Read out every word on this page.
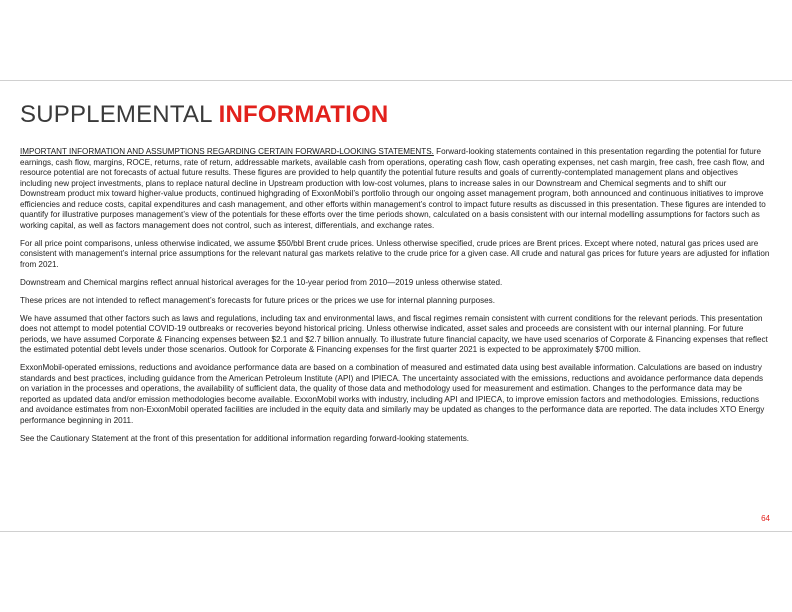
SUPPLEMENTAL INFORMATION

IMPORTANT INFORMATION AND ASSUMPTIONS REGARDING CERTAIN FORWARD-LOOKING STATEMENTS. Forward-looking statements contained in this presentation regarding the potential for future earnings, cash flow, margins, ROCE, returns, rate of return, addressable markets, available cash from operations, operating cash flow, cash operating expenses, net cash margin, free cash, free cash flow, and resource potential are not forecasts of actual future results. These figures are provided to help quantify the potential future results and goals of currently-contemplated management plans and objectives including new project investments, plans to replace natural decline in Upstream production with low-cost volumes, plans to increase sales in our Downstream and Chemical segments and to shift our Downstream product mix toward higher-value products, continued highgrading of ExxonMobil’s portfolio through our ongoing asset management program, both announced and continuous initiatives to improve efficiencies and reduce costs, capital expenditures and cash management, and other efforts within management’s control to impact future results as discussed in this presentation. These figures are intended to quantify for illustrative purposes management’s view of the potentials for these efforts over the time periods shown, calculated on a basis consistent with our internal modelling assumptions for factors such as working capital, as well as factors management does not control, such as interest, differentials, and exchange rates.

For all price point comparisons, unless otherwise indicated, we assume $50/bbl Brent crude prices. Unless otherwise specified, crude prices are Brent prices. Except where noted, natural gas prices used are consistent with management’s internal price assumptions for the relevant natural gas markets relative to the crude price for a given case. All crude and natural gas prices for future years are adjusted for inflation from 2021.

Downstream and Chemical margins reflect annual historical averages for the 10-year period from 2010—2019 unless otherwise stated.

These prices are not intended to reflect management’s forecasts for future prices or the prices we use for internal planning purposes.

We have assumed that other factors such as laws and regulations, including tax and environmental laws, and fiscal regimes remain consistent with current conditions for the relevant periods. This presentation does not attempt to model potential COVID-19 outbreaks or recoveries beyond historical pricing. Unless otherwise indicated, asset sales and proceeds are consistent with our internal planning. For future periods, we have assumed Corporate & Financing expenses between $2.1 and $2.7 billion annually. To illustrate future financial capacity, we have used scenarios of Corporate & Financing expenses that reflect the estimated potential debt levels under those scenarios. Outlook for Corporate & Financing expenses for the first quarter 2021 is expected to be approximately $700 million.

ExxonMobil-operated emissions, reductions and avoidance performance data are based on a combination of measured and estimated data using best available information. Calculations are based on industry standards and best practices, including guidance from the American Petroleum Institute (API) and IPIECA. The uncertainty associated with the emissions, reductions and avoidance performance data depends on variation in the processes and operations, the availability of sufficient data, the quality of those data and methodology used for measurement and estimation. Changes to the performance data may be reported as updated data and/or emission methodologies become available. ExxonMobil works with industry, including API and IPIECA, to improve emission factors and methodologies. Emissions, reductions and avoidance estimates from non-ExxonMobil operated facilities are included in the equity data and similarly may be updated as changes to the performance data are reported. The data includes XTO Energy performance beginning in 2011.

See the Cautionary Statement at the front of this presentation for additional information regarding forward-looking statements.

64
